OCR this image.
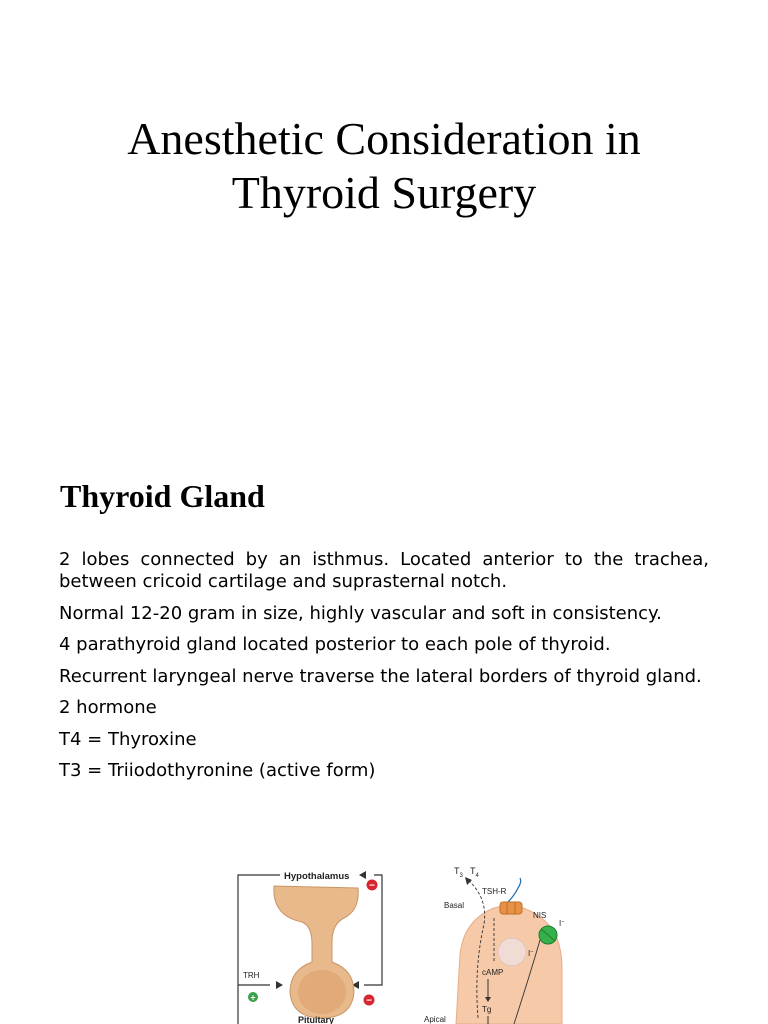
Anesthetic Consideration in
Thyroid Surgery
Thyroid Gland

2 lobes connected by an isthmus. Located anterior to the trachea, between cricoid cartilage and suprasternal notch.

Normal 12-20 gram in size, highly vascular and soft in consistency.

4 parathyroid gland located posterior to each pole of thyroid.

Recurrent laryngeal nerve traverse the lateral borders of thyroid gland.

2 hormone

T4 = Thyroxine

T3 = Triiodothyronine (active form)

Hypothalamus
TRH
Pituitary
+
−
−
$T_3$ $T_4$
Basal
TSH-R
NIS
I−
I−
cAMP
Tg
Apical
